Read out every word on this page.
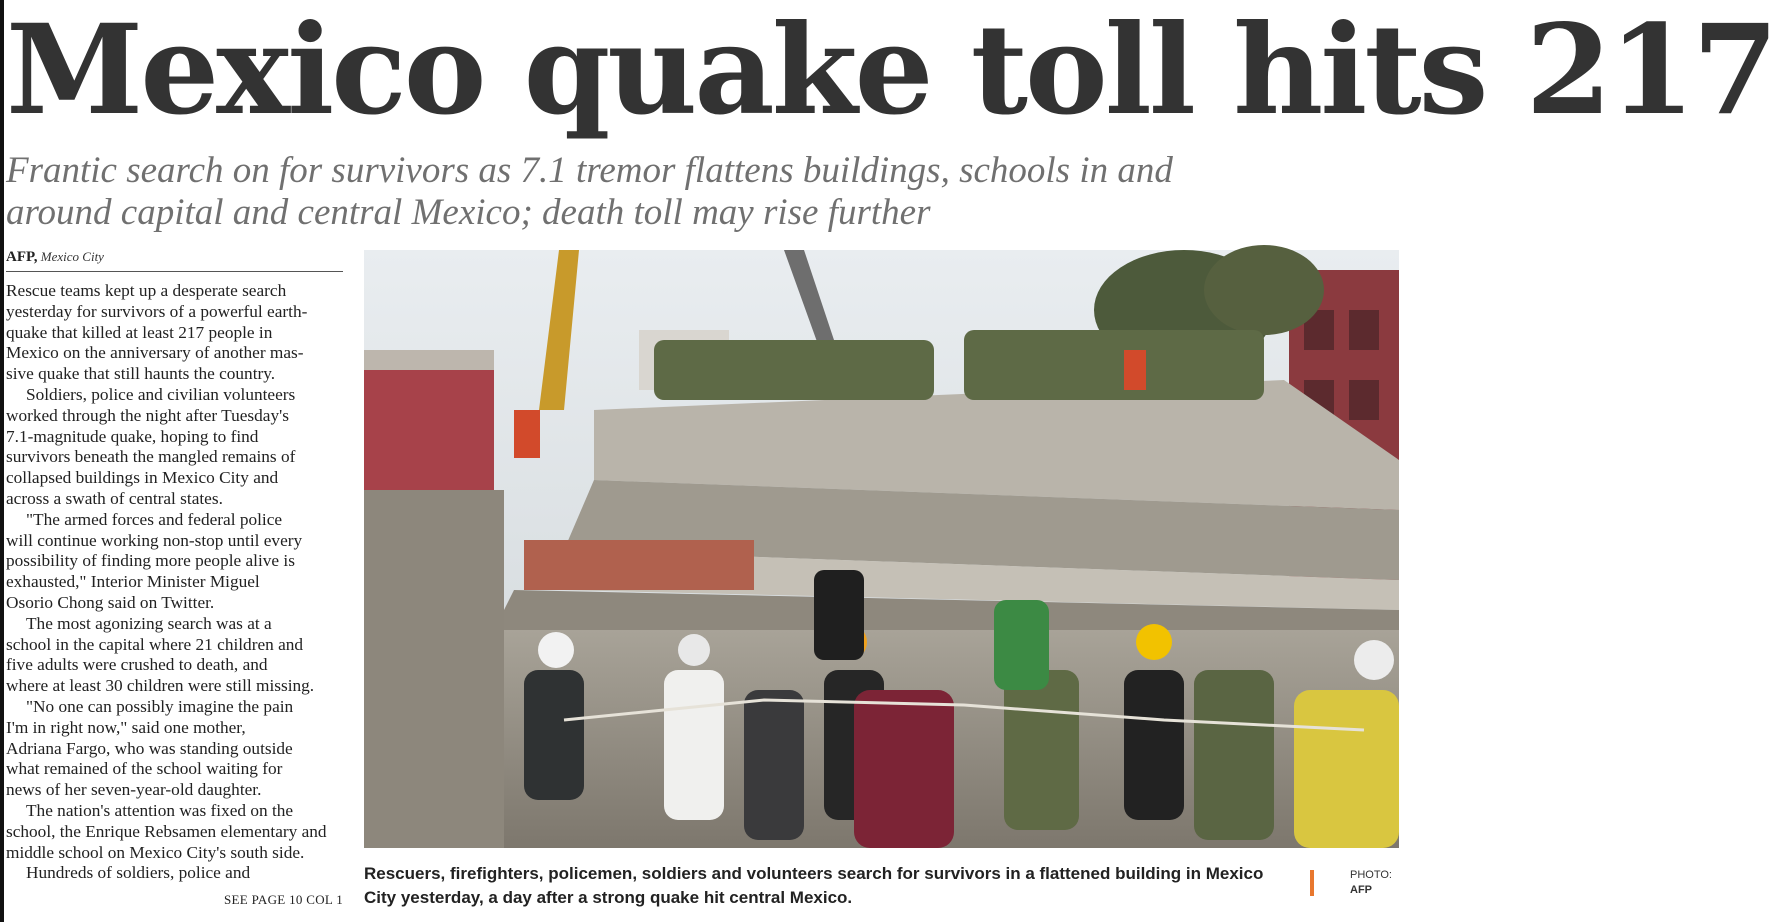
Mexico quake toll hits 217
Frantic search on for survivors as 7.1 tremor flattens buildings, schools in and
around capital and central Mexico; death toll may rise further
AFP, Mexico City

Rescue teams kept up a desperate search

yesterday for survivors of a powerful earth-

quake that killed at least 217 people in

Mexico on the anniversary of another mas-

sive quake that still haunts the country.

Soldiers, police and civilian volunteers

worked through the night after Tuesday's

7.1-magnitude quake, hoping to find

survivors beneath the mangled remains of

collapsed buildings in Mexico City and

across a swath of central states.

"The armed forces and federal police

will continue working non-stop until every

possibility of finding more people alive is

exhausted," Interior Minister Miguel

Osorio Chong said on Twitter.

The most agonizing search was at a

school in the capital where 21 children and

five adults were crushed to death, and

where at least 30 children were still missing.

"No one can possibly imagine the pain

I'm in right now," said one mother,

Adriana Fargo, who was standing outside

what remained of the school waiting for

news of her seven-year-old daughter.

The nation's attention was fixed on the

school, the Enrique Rebsamen elementary and

middle school on Mexico City's south side.

Hundreds of soldiers, police and

SEE PAGE 10 COL 1
Rescuers, firefighters, policemen, soldiers and volunteers search for survivors in a flattened building in Mexico
City yesterday, a day after a strong quake hit central Mexico.
PHOTO:
AFP
